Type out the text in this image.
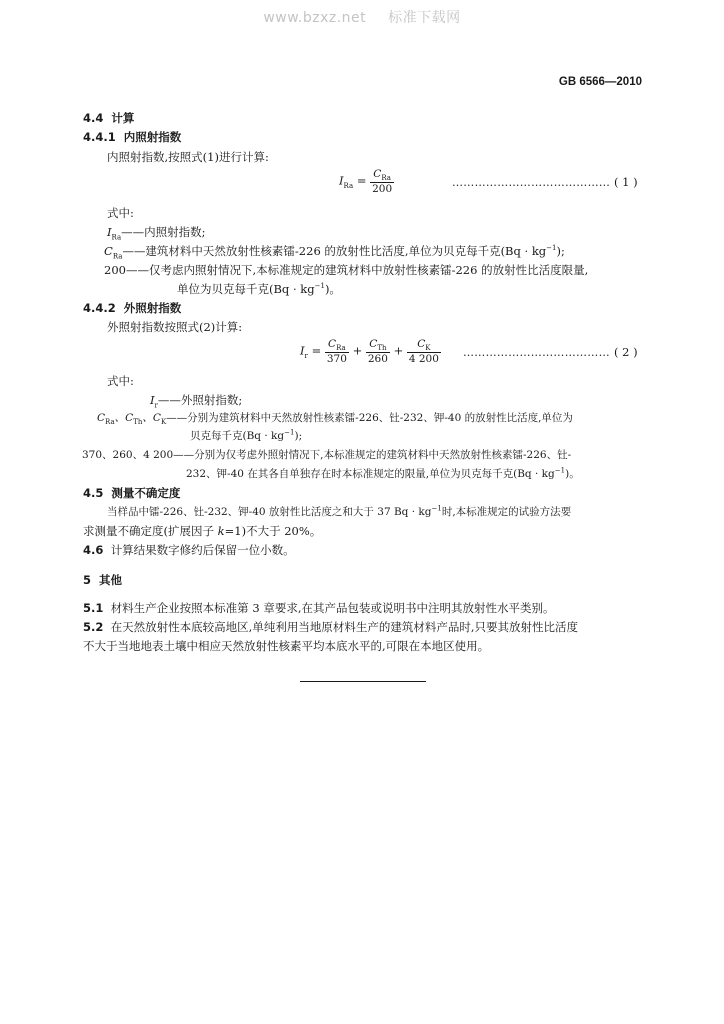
www.bzxz.net 标准下载网
GB 6566—2010
4.4 计算
4.4.1 内照射指数
内照射指数,按照式(1)进行计算:
$I_{Ra} = \frac{C_{Ra}}{200}$	…………………………………… ( 1 )
式中:
$I_{Ra}——$内照射指数;
$C_{Ra}——$建筑材料中天然放射性核素镭-226 的放射性比活度,单位为贝克每千克$(Bq \cdot kg^{-1})$;
200——仅考虑内照射情况下,本标准规定的建筑材料中放射性核素镭-226 的放射性比活度限量,
单位为贝克每千克$(Bq \cdot kg^{-1})$。
4.4.2 外照射指数
外照射指数按照式(2)计算:
$I_r = \frac{C_{Ra}}{370} + \frac{C_{Th}}{260} + \frac{C_K}{4 200}$ ………………………………… ( 2 )
式中:
$I_r——$外照射指数;
$C_{Ra}$、$C_{Th}$、$C_K——$分别为建筑材料中天然放射性核素镭-226、钍-232、钾-40 的放射性比活度,单位为
贝克每千克$(Bq \cdot kg^{-1})$;
370、260、4 200——分别为仅考虑外照射情况下,本标准规定的建筑材料中天然放射性核素镭-226、钍-
232、钾-40 在其各自单独存在时本标准规定的限量,单位为贝克每千克$(Bq \cdot kg^{-1})$。
4.5 测量不确定度
当样品中镭-226、钍-232、钾-40 放射性比活度之和大于 37 $Bq \cdot kg^{-1}$时,本标准规定的试验方法要
求测量不确定度(扩展因子 k=1)不大于 20%。
4.6 计算结果数字修约后保留一位小数。
5 其他
5.1 材料生产企业按照本标准第 3 章要求,在其产品包装或说明书中注明其放射性水平类别。
5.2 在天然放射性本底较高地区,单纯利用当地原材料生产的建筑材料产品时,只要其放射性比活度
不大于当地地表土壤中相应天然放射性核素平均本底水平的,可限在本地区使用。
